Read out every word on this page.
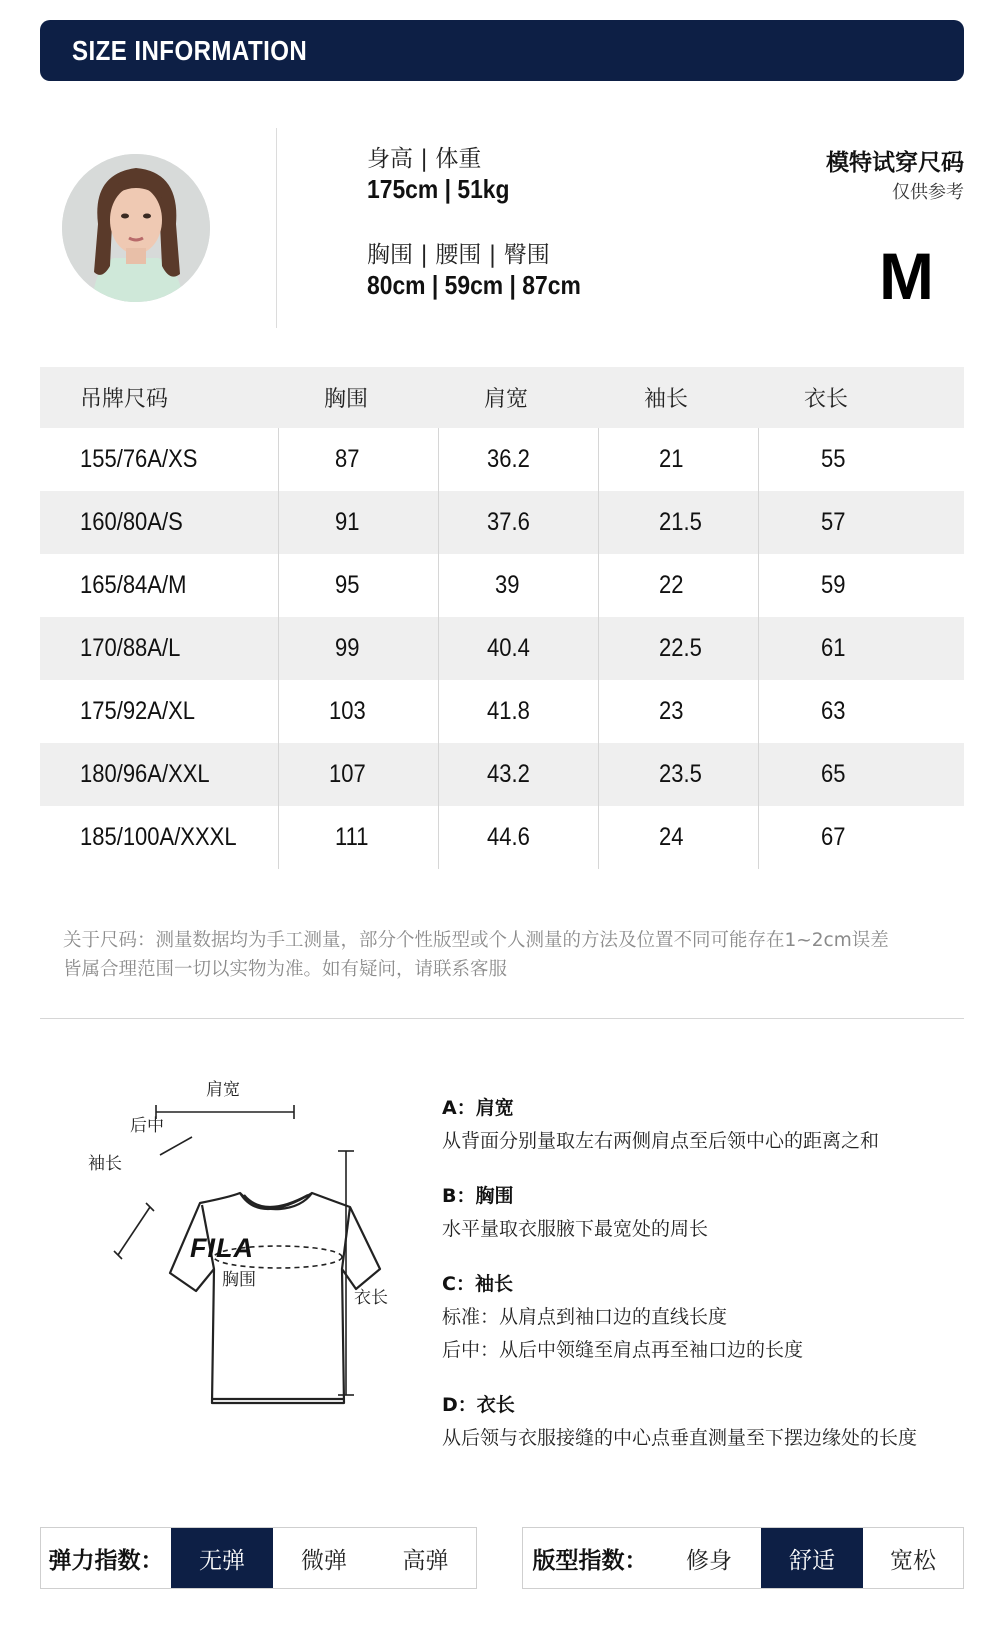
SIZE INFORMATION
身高 | 体重
175cm | 51kg
胸围 | 腰围 | 臀围
80cm | 59cm | 87cm
模特试穿尺码
仅供参考
M
吊牌尺码	胸围	肩宽	袖长	衣长
155/76A/XS	87	36.2	21	55

160/80A/S	91	37.6	21.5	57

165/84A/M	95	39	22	59

170/88A/L	99	40.4	22.5	61

175/92A/XL	103	41.8	23	63

180/96A/XXL	107	43.2	23.5	65

185/100A/XXXL	111	44.6	24	67
关于尺码：测量数据均为手工测量，部分个性版型或个人测量的方法及位置不同可能存在1~2cm误差
皆属合理范围一切以实物为准。如有疑问，请联系客服
肩宽
后中
袖长
衣长
FILA
胸围
A：肩宽
从背面分别量取左右两侧肩点至后领中心的距离之和
B：胸围
水平量取衣服腋下最宽处的周长
C：袖长
标准：从肩点到袖口边的直线长度
后中：从后中领缝至肩点再至袖口边的长度
D：衣长
从后领与衣服接缝的中心点垂直测量至下摆边缘处的长度
弹力指数：	无弹	微弹	高弹	版型指数：	修身	舒适	宽松
